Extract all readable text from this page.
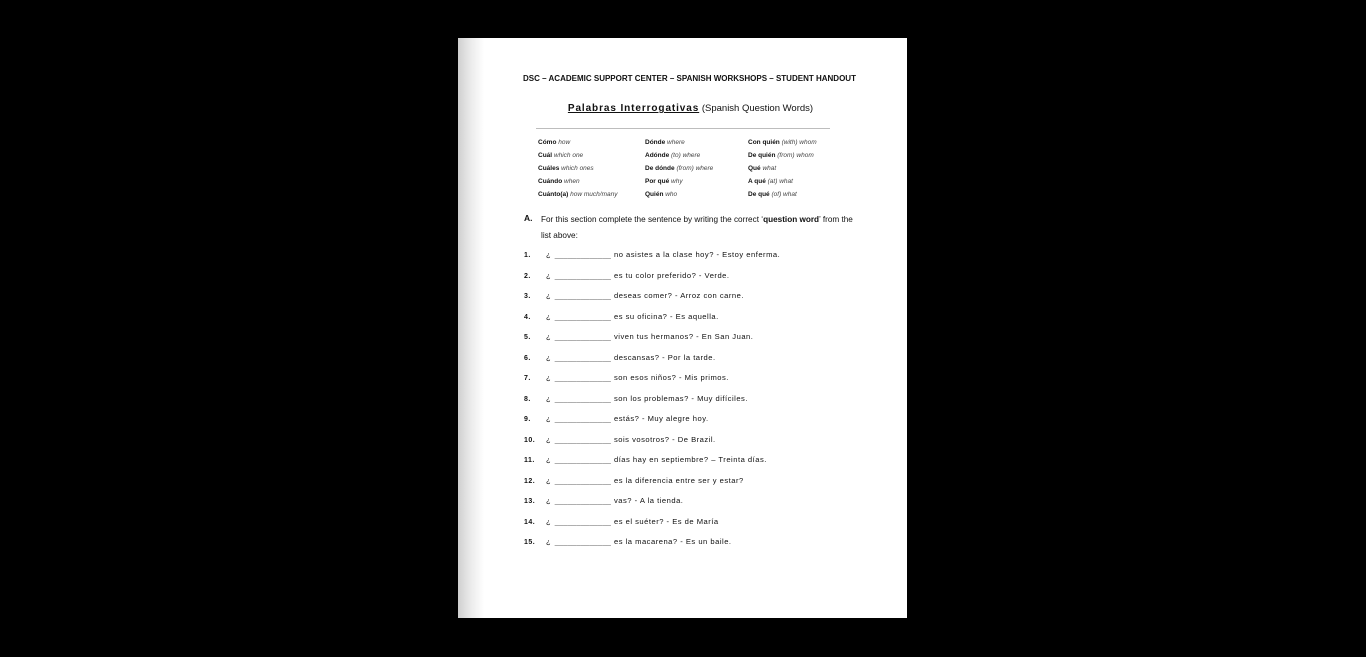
DSC – ACADEMIC SUPPORT CENTER – SPANISH WORKSHOPS – STUDENT HANDOUT
Palabras Interrogativas (Spanish Question Words)
Cómo how
Cuál which one
Cuáles which ones
Cuándo when
Cuánto(a) how much/many
Dónde where
Adónde (to) where
De dónde (from) where
Por qué why
Quién who
Con quién (with) whom
De quién (from) whom
Qué what
A qué (at) what
De qué (of) what
A. For this section complete the sentence by writing the correct ‘question word’ from the list above:
1. ¿ _____________ no asistes a la clase hoy? - Estoy enferma.
2. ¿ _____________ es tu color preferido? - Verde.
3. ¿ _____________ deseas comer? - Arroz con carne.
4. ¿ _____________ es su oficina? - Es aquella.
5. ¿ _____________ viven tus hermanos? - En San Juan.
6. ¿ _____________ descansas? - Por la tarde.
7. ¿ _____________ son esos niños? - Mis primos.
8. ¿ _____________ son los problemas? - Muy difíciles.
9. ¿ _____________ estás? - Muy alegre hoy.
10. ¿ _____________ sois vosotros? - De Brazil.
11. ¿ _____________ días hay en septiembre? – Treinta días.
12. ¿ _____________ es la diferencia entre ser y estar?
13. ¿ _____________ vas? - A la tienda.
14. ¿ _____________ es el suéter? - Es de María
15. ¿ _____________ es la macarena? - Es un baile.
